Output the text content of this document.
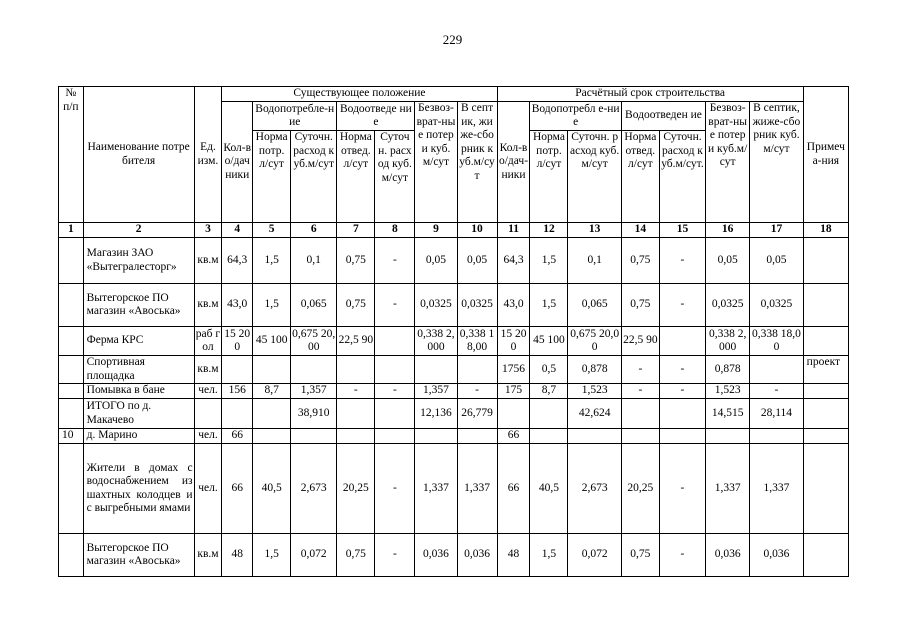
229
№ п/п	Наименование потребителя	Ед. изм.	Существующее положение							Расчётный срок строительства							Примеч а-ния
			Кол-во/дачники	Водопотребле-ние		Водоотведе ние		Безвоз-врат-ные потери куб.м/сут	В септик, жиже-сборник куб.м/сут	Кол-во/дач-ники	Водопотребл е-ние		Водоотведен ие		Безвоз-врат-ные потери куб.м/сут	В септик, жиже-сборник куб.м/сут	
				Норма потр. л/сут	Суточн. расход куб.м/сут	Норма отвед. л/сут	Суточн. расход куб.м/сут				Норма потр. л/сут	Суточн. расход куб.м/сут	Норма отвед. л/сут	Суточн. расход куб.м/сут.			
1	2	3	4	5	6	7	8	9	10	11	12	13	14	15	16	17	18
	Магазин ЗАО «Вытегралесторг»	кв.м	64,3	1,5	0,1	0,75	-	0,05	0,05	64,3	1,5	0,1	0,75	-	0,05	0,05	
	Вытегорское ПО магазин «Авоська»	кв.м	43,0	1,5	0,065	0,75	-	0,0325	0,0325	43,0	1,5	0,065	0,75	-	0,0325	0,0325	
	Ферма КРС	раб гол	15 200	45 100	0,675 20,00	22,5 90		0,338 2,000	0,338 18,00	15 200	45 100	0,675 20,00	22,5 90		0,338 2,000	0,338 18,00	
	Спортивная площадка	кв.м								1756	0,5	0,878	-	-	0,878		проект
	Помывка в бане	чел.	156	8,7	1,357	-	-	1,357	-	175	8,7	1,523	-	-	1,523	-	
	ИТОГО по д. Макачево				38,910			12,136	26,779			42,624			14,515	28,114	
10	д. Марино	чел.	66							66							
	Жители в домах с водоснабжением из шахтных колодцев и с выгребными ямами	чел.	66	40,5	2,673	20,25	-	1,337	1,337	66	40,5	2,673	20,25	-	1,337	1,337	
	Вытегорское ПО магазин «Авоська»	кв.м	48	1,5	0,072	0,75	-	0,036	0,036	48	1,5	0,072	0,75	-	0,036	0,036	
